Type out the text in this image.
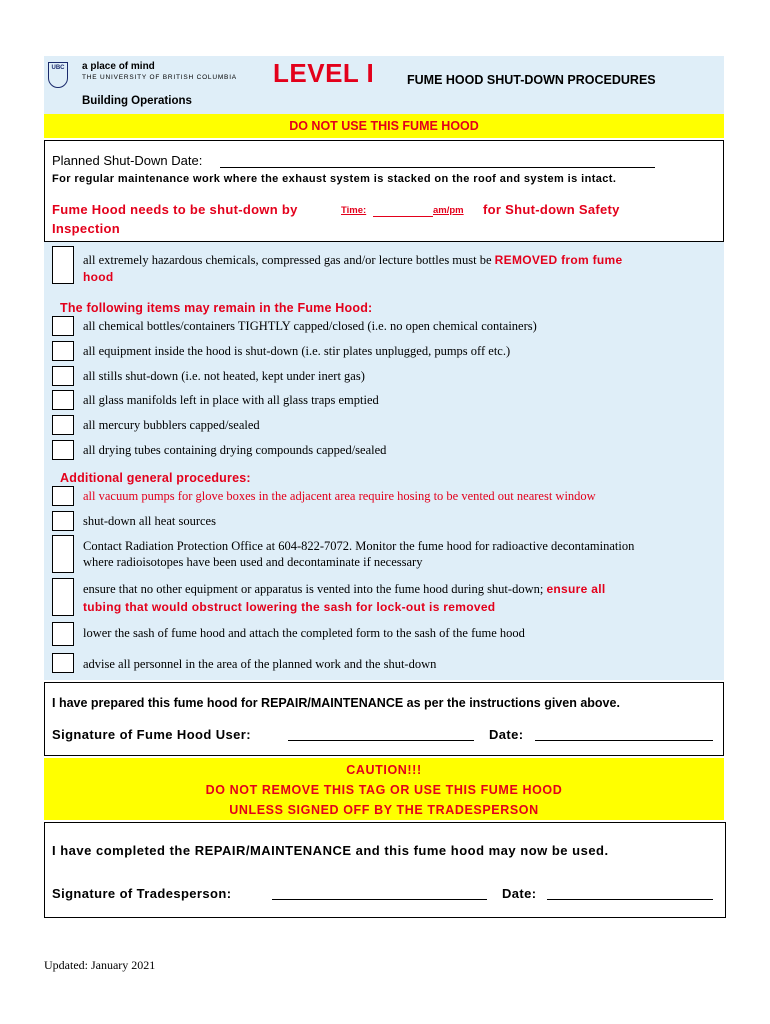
UBC	a place of mind
THE UNIVERSITY OF BRITISH COLUMBIA
Building Operations
LEVEL I	FUME HOOD SHUT-DOWN PROCEDURES
DO NOT USE THIS FUME HOOD
Planned Shut-Down Date:
For regular maintenance work where the exhaust system is stacked on the roof and system is intact.
Fume Hood needs to be shut-down by	Time:	am/pm for Shut-down Safety
Inspection
all extremely hazardous chemicals, compressed gas and/or lecture bottles must be REMOVED from fume
hood
The following items may remain in the Fume Hood:
all chemical bottles/containers TIGHTLY capped/closed (i.e. no open chemical containers)
all equipment inside the hood is shut-down (i.e. stir plates unplugged, pumps off etc.)
all stills shut-down (i.e. not heated, kept under inert gas)
all glass manifolds left in place with all glass traps emptied
all mercury bubblers capped/sealed
all drying tubes containing drying compounds capped/sealed
Additional general procedures:
all vacuum pumps for glove boxes in the adjacent area require hosing to be vented out nearest window
shut-down all heat sources
Contact Radiation Protection Office at 604-822-7072. Monitor the fume hood for radioactive decontamination
where radioisotopes have been used and decontaminate if necessary
ensure that no other equipment or apparatus is vented into the fume hood during shut-down; ensure all
tubing that would obstruct lowering the sash for lock-out is removed
lower the sash of fume hood and attach the completed form to the sash of the fume hood
advise all personnel in the area of the planned work and the shut-down
I have prepared this fume hood for REPAIR/MAINTENANCE as per the instructions given above.
Signature of Fume Hood User:	Date:
CAUTION!!!
DO NOT REMOVE THIS TAG OR USE THIS FUME HOOD
UNLESS SIGNED OFF BY THE TRADESPERSON
I have completed the REPAIR/MAINTENANCE and this fume hood may now be used.
Signature of Tradesperson:	Date:
Updated: January 2021
